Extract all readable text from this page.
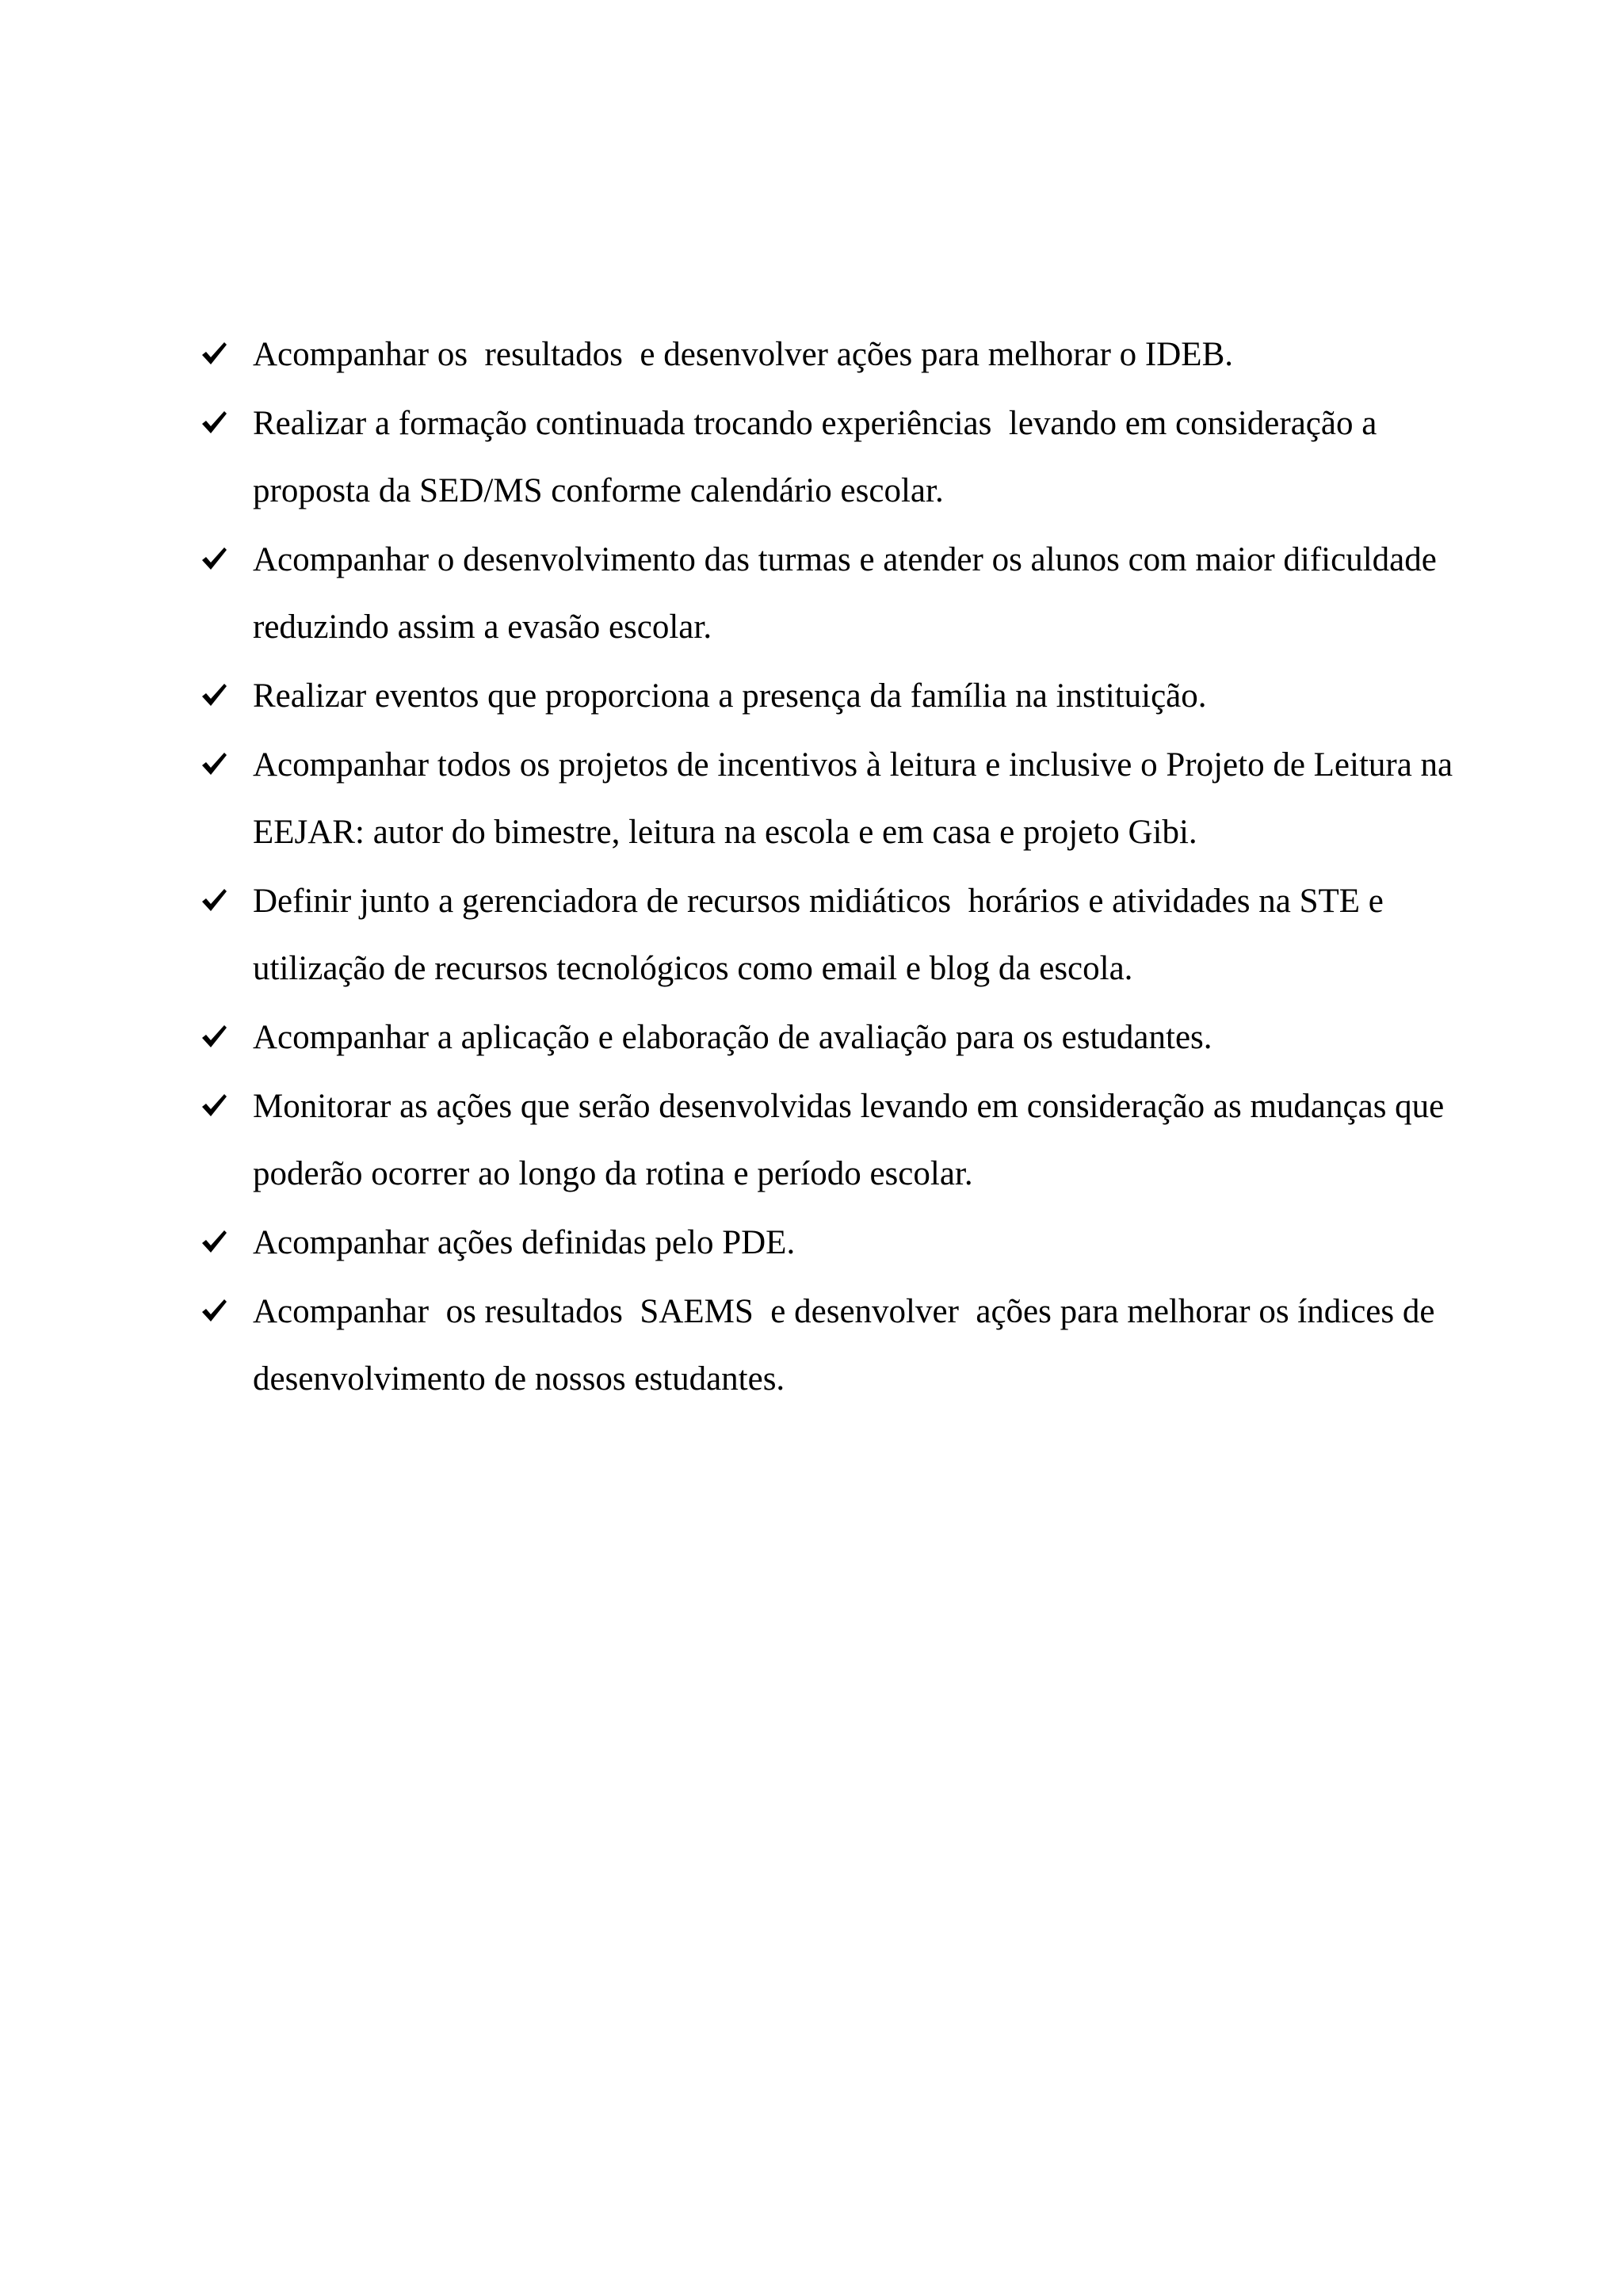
Acompanhar os  resultados  e desenvolver ações para melhorar o IDEB.
Realizar a formação continuada trocando experiências  levando em consideração a proposta da SED/MS conforme calendário escolar.
Acompanhar o desenvolvimento das turmas e atender os alunos com maior dificuldade reduzindo assim a evasão escolar.
Realizar eventos que proporciona a presença da família na instituição.
Acompanhar todos os projetos de incentivos à leitura e inclusive o Projeto de Leitura na EEJAR: autor do bimestre, leitura na escola e em casa e projeto Gibi.
Definir junto a gerenciadora de recursos midiáticos  horários e atividades na STE e utilização de recursos tecnológicos como email e blog da escola.
Acompanhar a aplicação e elaboração de avaliação para os estudantes.
Monitorar as ações que serão desenvolvidas levando em consideração as mudanças que poderão ocorrer ao longo da rotina e período escolar.
Acompanhar ações definidas pelo PDE.
Acompanhar  os resultados  SAEMS  e desenvolver  ações para melhorar os índices de desenvolvimento de nossos estudantes.
